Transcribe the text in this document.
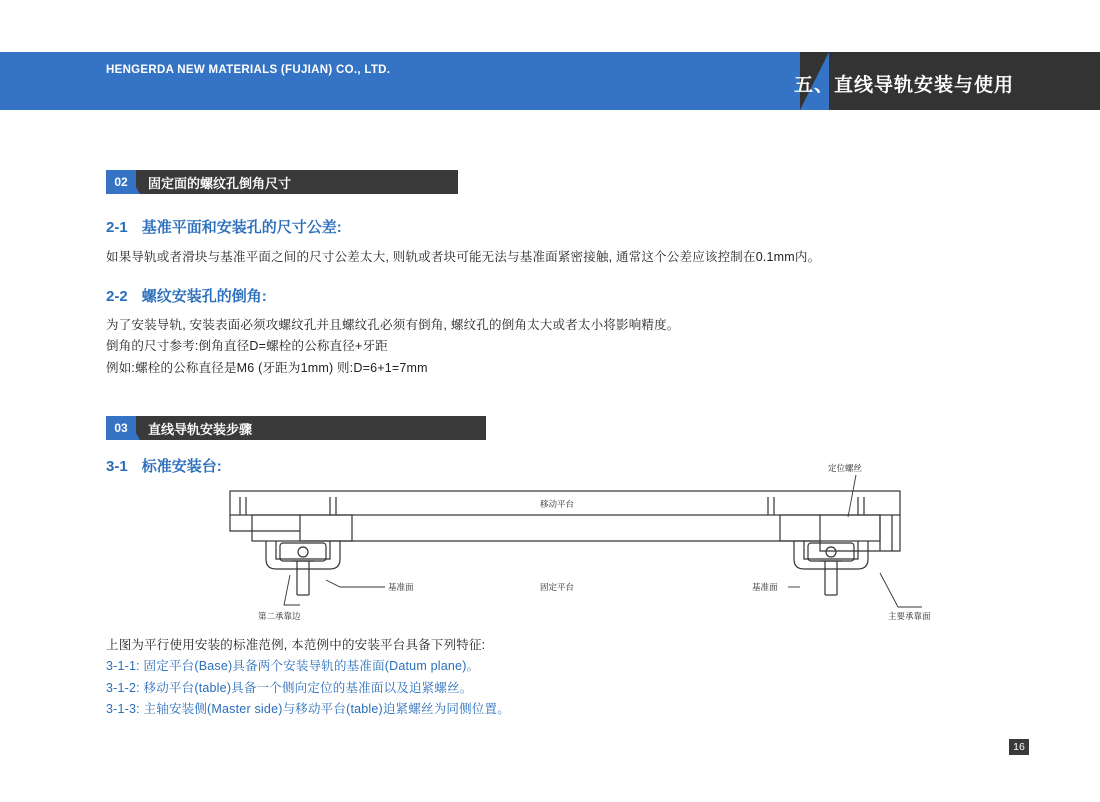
HENGERDA NEW MATERIALS (FUJIAN) CO., LTD.
五、直线导轨安装与使用
02	固定面的螺纹孔倒角尺寸
2-1 基准平面和安装孔的尺寸公差:
如果导轨或者滑块与基准平面之间的尺寸公差太大, 则轨或者块可能无法与基准面紧密接触, 通常这个公差应该控制在0.1mm内。
2-2 螺纹安装孔的倒角:
为了安装导轨, 安装表面必须攻螺纹孔并且螺纹孔必须有倒角, 螺纹孔的倒角太大或者太小将影响精度。
倒角的尺寸参考:倒角直径D=螺栓的公称直径+牙距
例如:螺栓的公称直径是M6 (牙距为1mm) 则:D=6+1=7mm
03	直线导轨安装步骤
3-1 标准安装台:	定位螺丝
移动平台
固定平台
基准面	基准面
第二承靠边	主要承靠面
上图为平行使用安装的标准范例, 本范例中的安装平台具备下列特征:
3-1-1: 固定平台(Base)具备两个安装导轨的基准面(Datum plane)。
3-1-2: 移动平台(table)具备一个侧向定位的基准面以及迫紧螺丝。
3-1-3: 主轴安装侧(Master side)与移动平台(table)迫紧螺丝为同侧位置。
16
